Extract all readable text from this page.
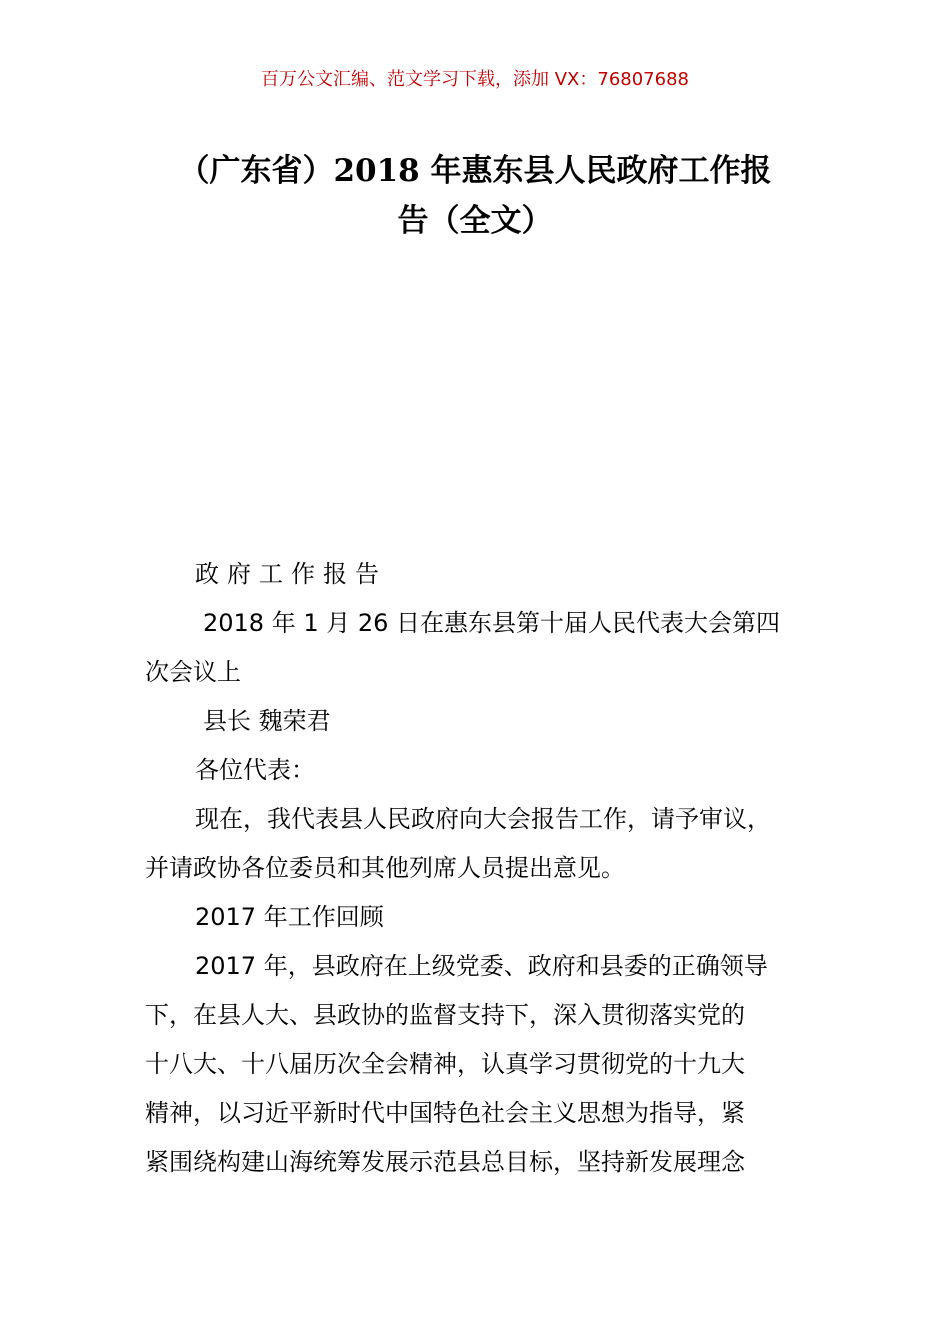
百万公文汇编、范文学习下载，添加 VX：76807688
（广东省）2018 年惠东县人民政府工作报
告（全文）

政府工作报告

2018 年 1 月 26 日在惠东县第十届人民代表大会第四
次会议上

县长 魏荣君

各位代表：

现在，我代表县人民政府向大会报告工作，请予审议，
并请政协各位委员和其他列席人员提出意见。

2017 年工作回顾

2017 年，县政府在上级党委、政府和县委的正确领导
下，在县人大、县政协的监督支持下，深入贯彻落实党的
十八大、十八届历次全会精神，认真学习贯彻党的十九大
精神，以习近平新时代中国特色社会主义思想为指导，紧
紧围绕构建山海统筹发展示范县总目标，坚持新发展理念
